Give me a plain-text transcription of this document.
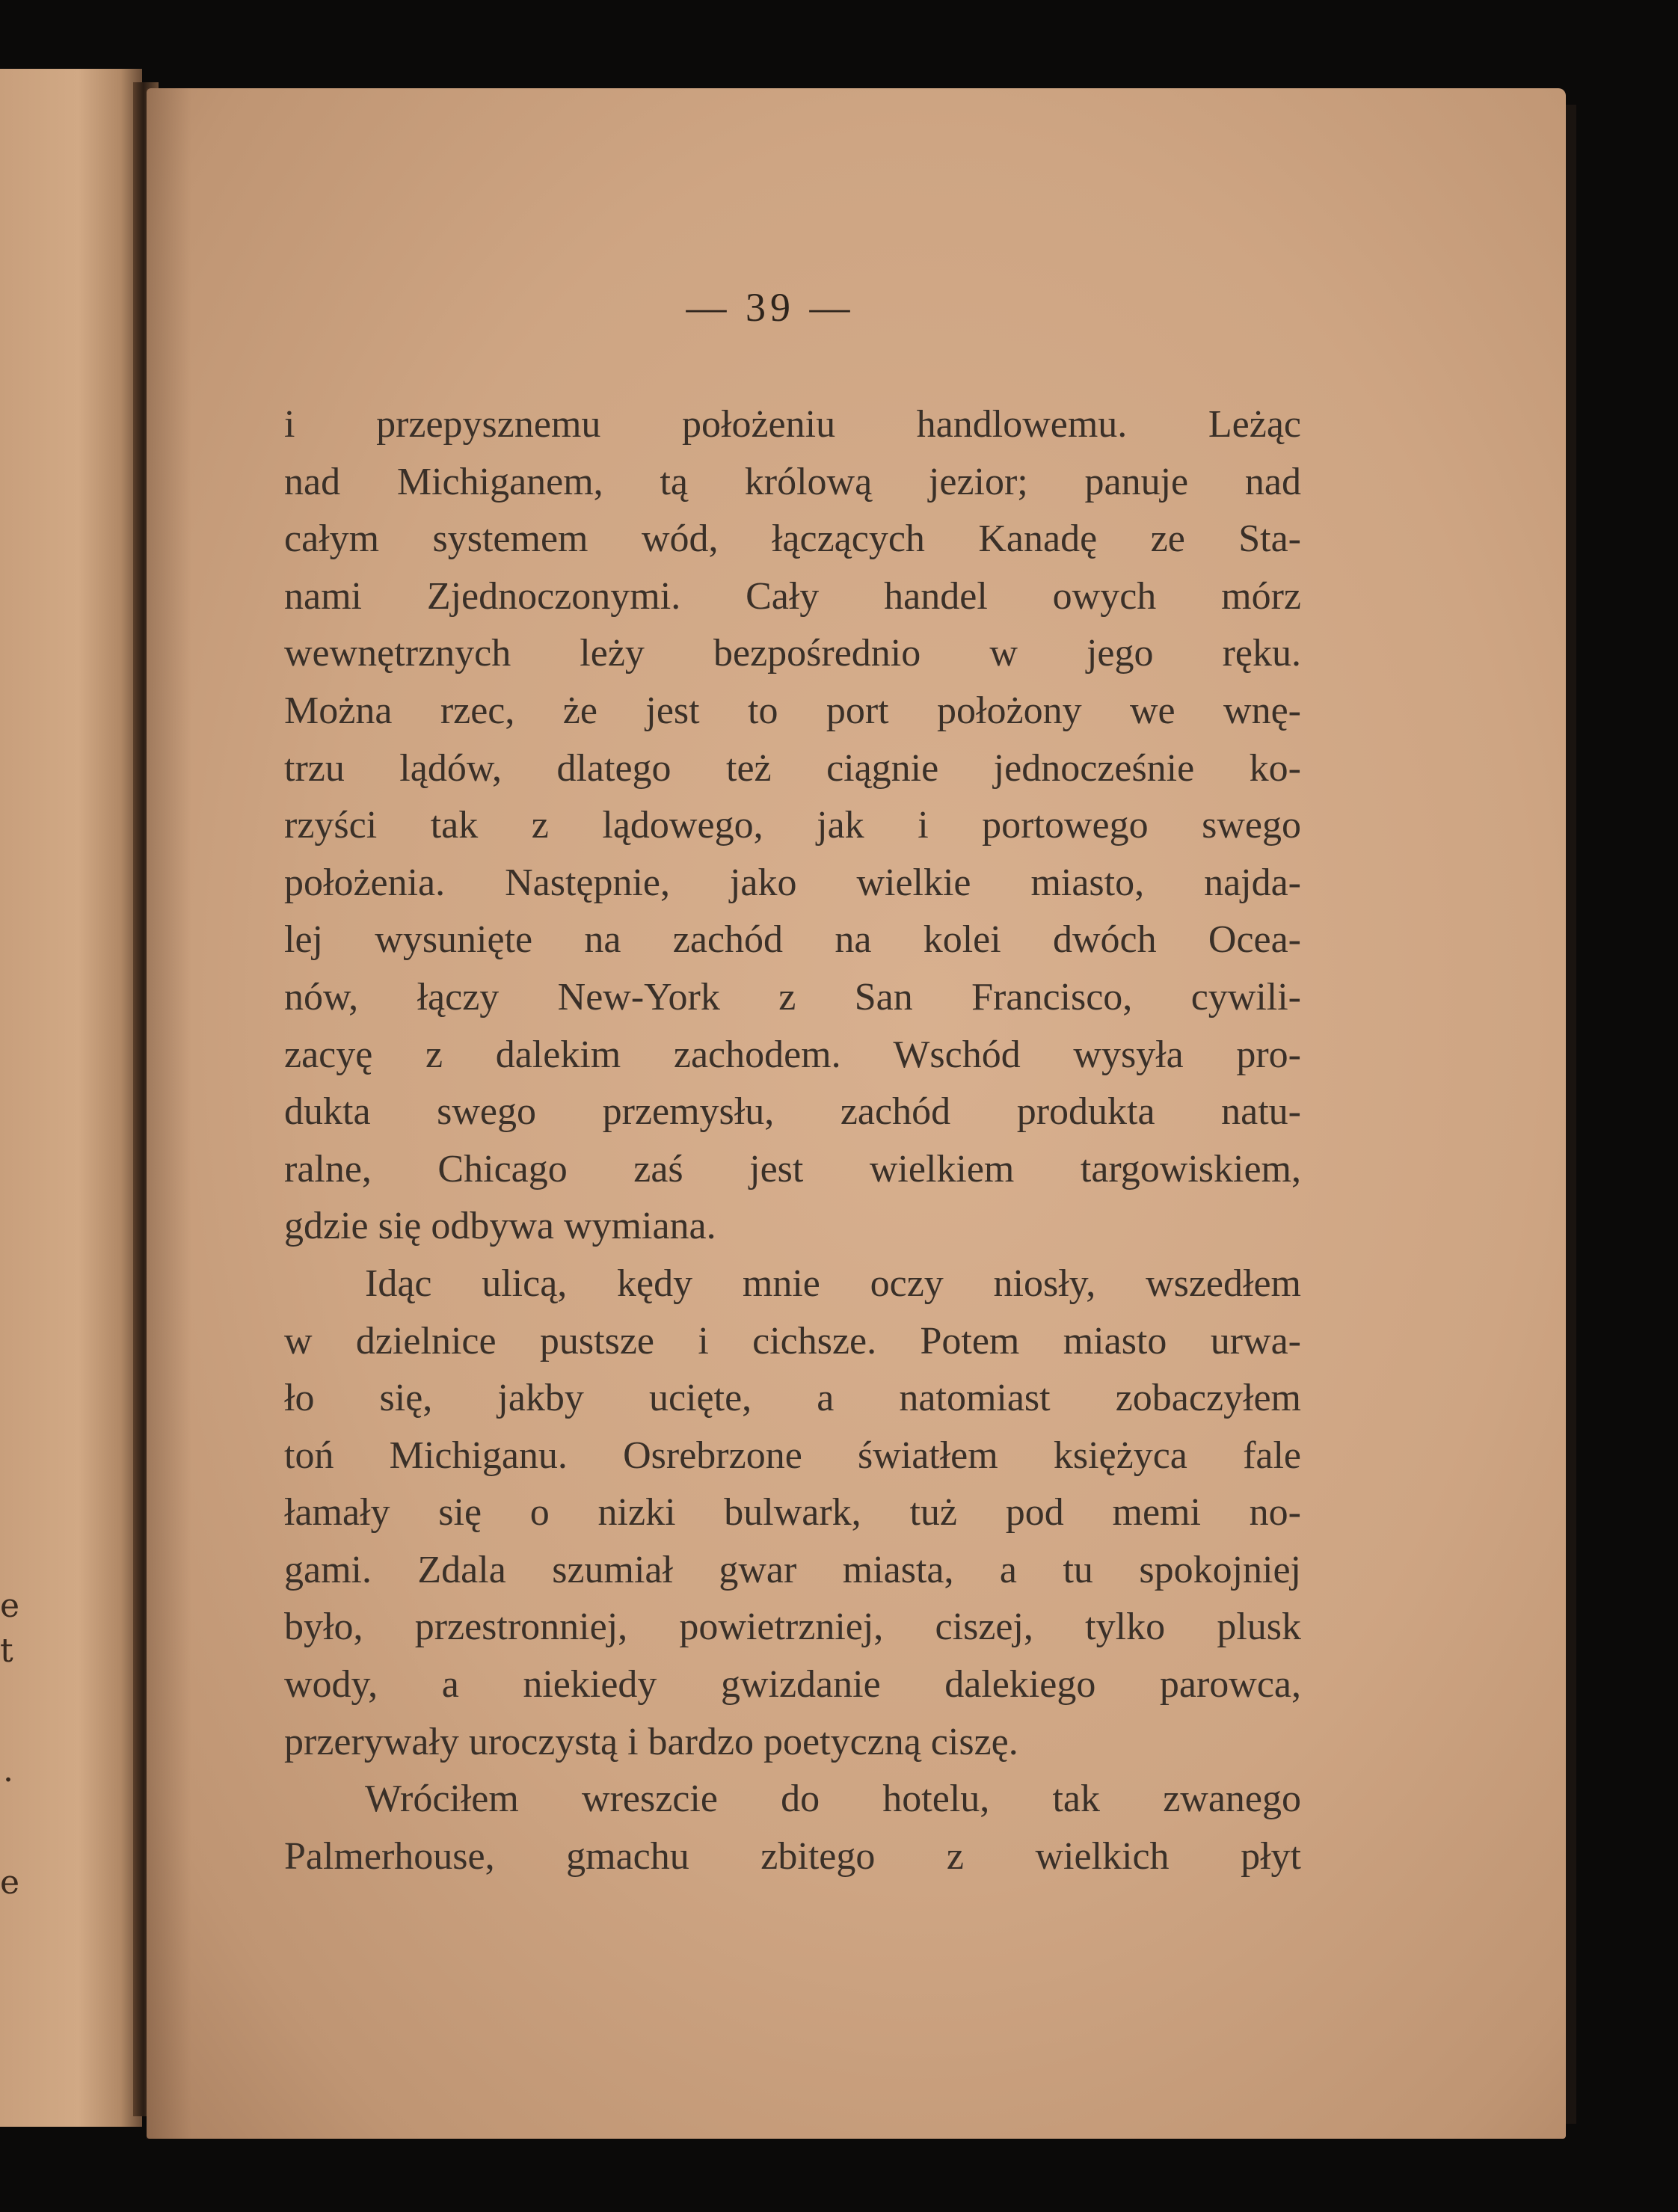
e
t
.
e
— 39 —
i przepysznemu położeniu handlowemu. Leżąc
nad Michiganem, tą królową jezior; panuje nad
całym systemem wód, łączących Kanadę ze Sta-
nami Zjednoczonymi. Cały handel owych mórz
wewnętrznych leży bezpośrednio w jego ręku.
Można rzec, że jest to port położony we wnę-
trzu lądów, dlatego też ciągnie jednocześnie ko-
rzyści tak z lądowego, jak i portowego swego
położenia. Następnie, jako wielkie miasto, najda-
lej wysunięte na zachód na kolei dwóch Ocea-
nów, łączy New-York z San Francisco, cywili-
zacyę z dalekim zachodem. Wschód wysyła pro-
dukta swego przemysłu, zachód produkta natu-
ralne, Chicago zaś jest wielkiem targowiskiem,
gdzie się odbywa wymiana.
Idąc ulicą, kędy mnie oczy niosły, wszedłem
w dzielnice pustsze i cichsze. Potem miasto urwa-
ło się, jakby ucięte, a natomiast zobaczyłem
toń Michiganu. Osrebrzone światłem księżyca fale
łamały się o nizki bulwark, tuż pod memi no-
gami. Zdala szumiał gwar miasta, a tu spokojniej
było, przestronniej, powietrzniej, ciszej, tylko plusk
wody, a niekiedy gwizdanie dalekiego parowca,
przerywały uroczystą i bardzo poetyczną ciszę.
Wróciłem wreszcie do hotelu, tak zwanego
Palmerhouse, gmachu zbitego z wielkich płyt
